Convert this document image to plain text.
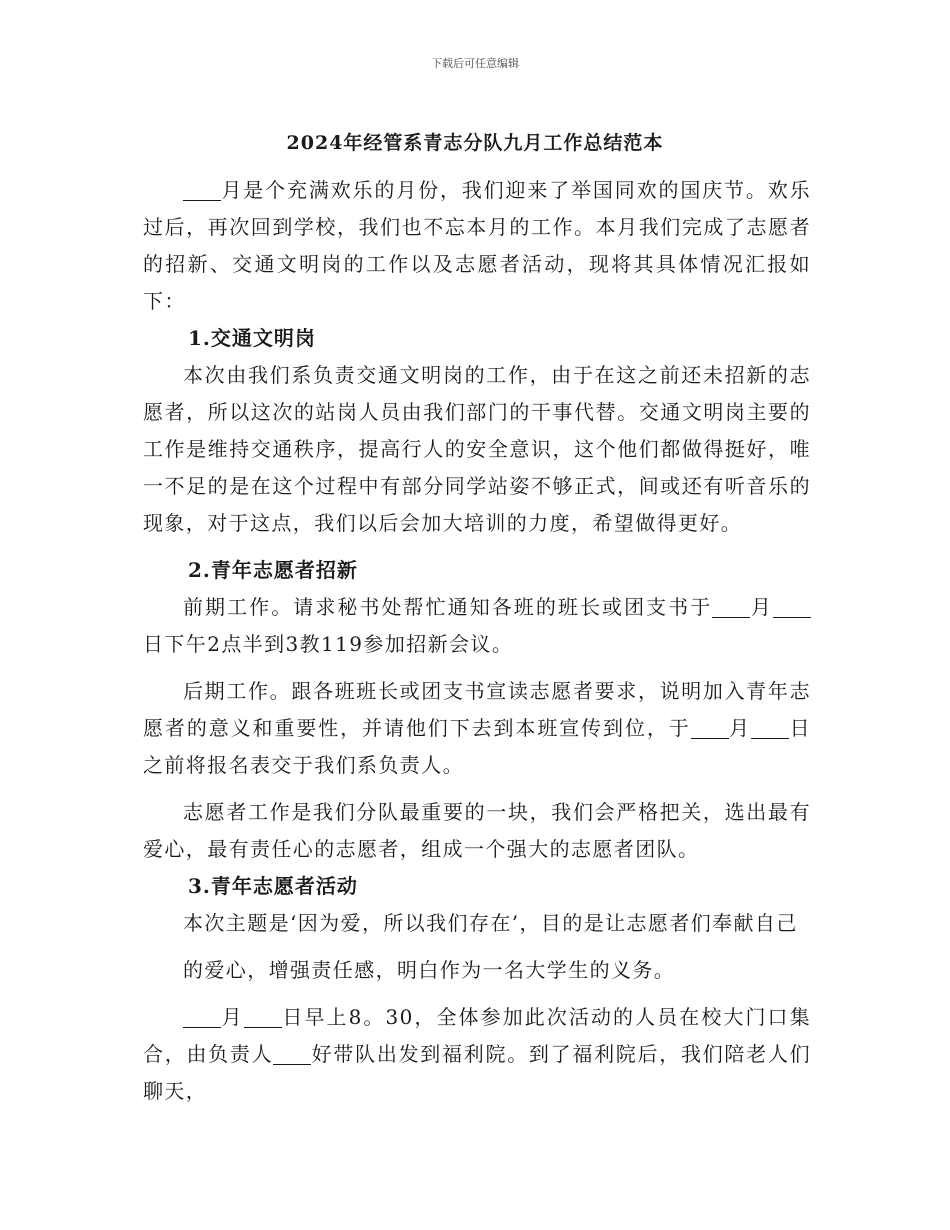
下载后可任意编辑
2024年经管系青志分队九月工作总结范本

月是个充满欢乐的月份，我们迎来了举国同欢的国庆节。欢乐过后，再次回到学校，我们也不忘本月的工作。本月我们完成了志愿者的招新、交通文明岗的工作以及志愿者活动，现将其具体情况汇报如下：

1.交通文明岗

本次由我们系负责交通文明岗的工作，由于在这之前还未招新的志愿者，所以这次的站岗人员由我们部门的干事代替。交通文明岗主要的工作是维持交通秩序，提高行人的安全意识，这个他们都做得挺好，唯一不足的是在这个过程中有部分同学站姿不够正式，间或还有听音乐的现象，对于这点，我们以后会加大培训的力度，希望做得更好。

2.青年志愿者招新

前期工作。请求秘书处帮忙通知各班的班长或团支书于 月日下午2点半到3教119参加招新会议。

后期工作。跟各班班长或团支书宣读志愿者要求，说明加入青年志愿者的意义和重要性，并请他们下去到本班宣传到位，于 月 日之前将报名表交于我们系负责人。

志愿者工作是我们分队最重要的一块，我们会严格把关，选出最有爱心，最有责任心的志愿者，组成一个强大的志愿者团队。

3.青年志愿者活动

本次主题是‘因为爱，所以我们存在’，目的是让志愿者们奉献自己

的爱心，增强责任感，明白作为一名大学生的义务。

月 日早上8。30，全体参加此次活动的人员在校大门口集合，由负责人 好带队出发到福利院。到了福利院后，我们陪老人们聊天，
